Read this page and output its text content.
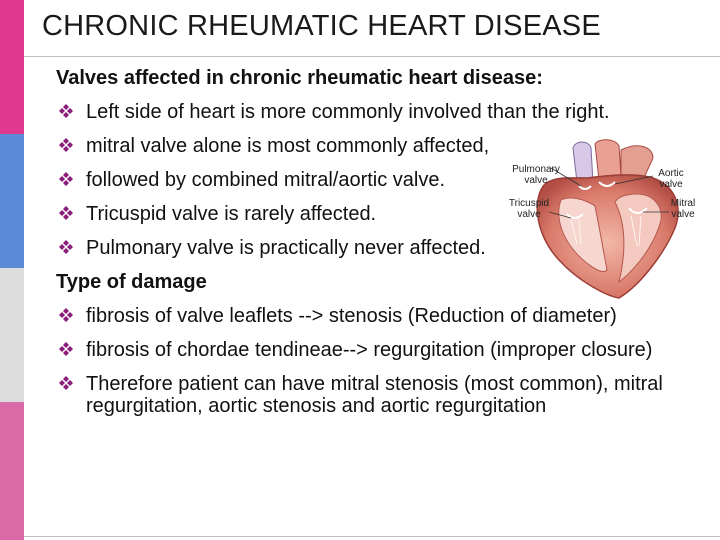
CHRONIC RHEUMATIC HEART DISEASE
Valves affected in chronic rheumatic heart disease:
Left side of heart is more commonly involved than the right.
mitral valve alone is most commonly affected,
followed by combined mitral/aortic valve.
Tricuspid valve is rarely affected.
Pulmonary valve is practically never affected.
Type of damage
fibrosis of valve leaflets --> stenosis (Reduction of diameter)
fibrosis of chordae tendineae--> regurgitation (improper closure)
Therefore patient can have mitral stenosis (most common), mitral regurgitation, aortic stenosis and aortic regurgitation
Pulmonary valve
Aortic valve
Tricuspid valve
Mitral valve
